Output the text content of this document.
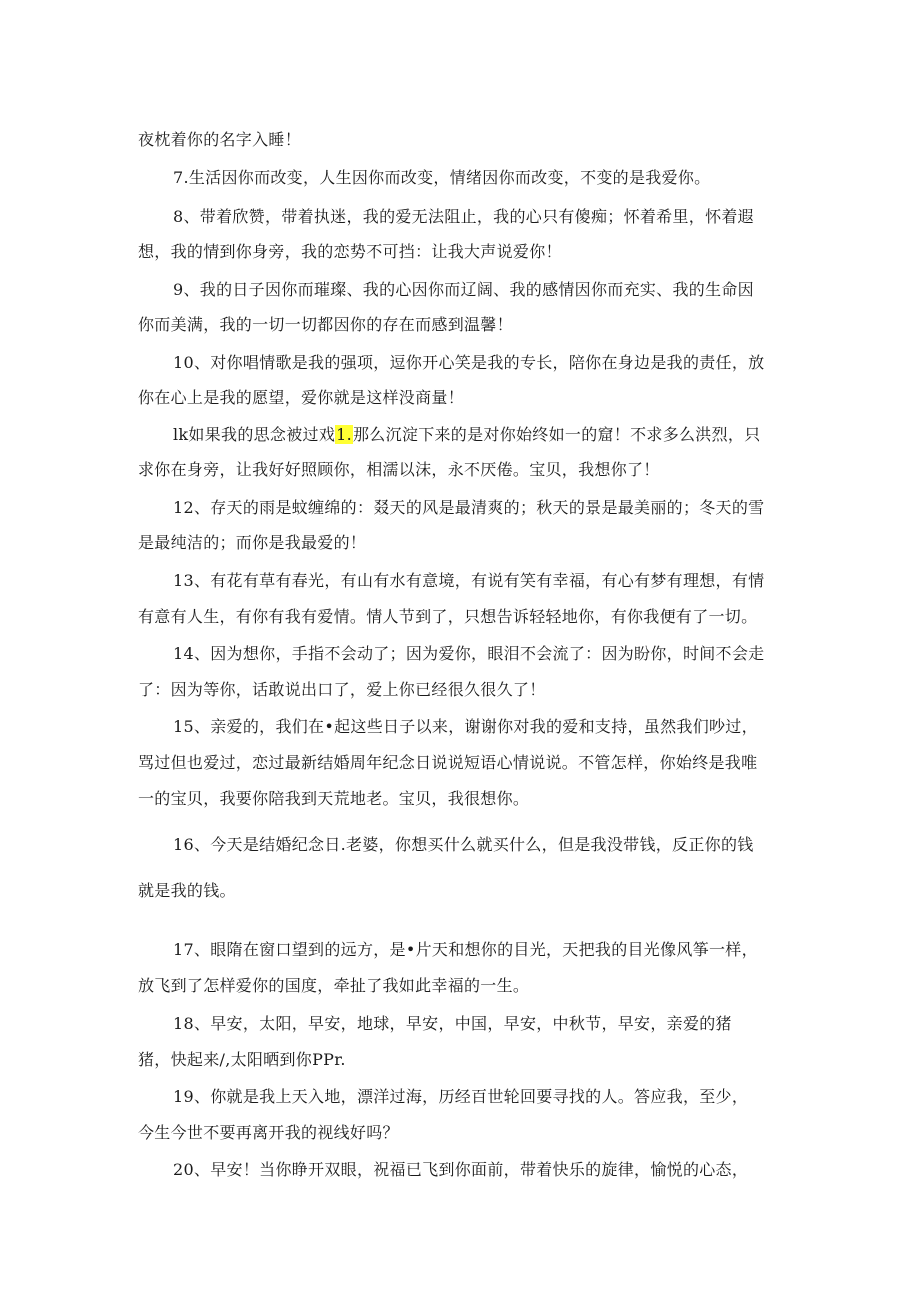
夜枕着你的名字入睡！
7.生活因你而改变，人生因你而改变，情绪因你而改变，不变的是我爱你。
8、带着欣赞，带着执迷，我的爱无法阻止，我的心只有傻痴；怀着希里，怀着遐
想，我的情到你身旁，我的恋势不可挡：让我大声说爱你！
9、我的日子因你而璀璨、我的心因你而辽阔、我的感情因你而充实、我的生命因
你而美满，我的一切一切都因你的存在而感到温馨！
10、对你唱情歌是我的强项，逗你开心笑是我的专长，陪你在身边是我的责任，放
你在心上是我的愿望，爱你就是这样没商量！
lk如果我的思念被过戏1.那么沉淀下来的是对你始终如一的窟！不求多么洪烈，只
求你在身旁，让我好好照顾你，相濡以沫，永不厌倦。宝贝，我想你了！
12、存天的雨是蚊缠绵的：叕天的风是最清爽的；秋天的景是最美丽的；冬天的雪
是最纯洁的；而你是我最爱的！
13、有花有草有春光，有山有水有意境，有说有笑有幸福，有心有梦有理想，有情
有意有人生，有你有我有爱情。情人节到了，只想告诉轻轻地你，有你我便有了一切。
14、因为想你，手指不会动了；因为爱你，眼泪不会流了：因为盼你，时间不会走
了：因为等你，话敢说出口了，爱上你已经很久很久了！
15、亲爱的，我们在•起这些日子以来，谢谢你对我的爱和支持，虽然我们吵过，
骂过但也爱过，恋过最新结婚周年纪念日说说短语心情说说。不管怎样，你始终是我唯
一的宝贝，我要你陪我到天荒地老。宝贝，我很想你。
16、今天是结婚纪念日.老婆，你想买什么就买什么，但是我没带钱，反正你的钱
就是我的钱。
17、眼隋在窗口望到的远方，是•片天和想你的目光，天把我的目光像风筝一样，
放飞到了怎样爱你的国度，牵扯了我如此幸福的一生。
18、早安，太阳，早安，地球，早安，中国，早安，中秋节，早安，亲爱的猪
猪，快起来/,太阳晒到你PPr.
19、你就是我上天入地，漂洋过海，历经百世轮回要寻找的人。答应我，至少，
今生今世不要再离开我的视线好吗？
20、早安！当你睁开双眼，祝福已飞到你面前，带着快乐的旋律，愉悦的心态，
